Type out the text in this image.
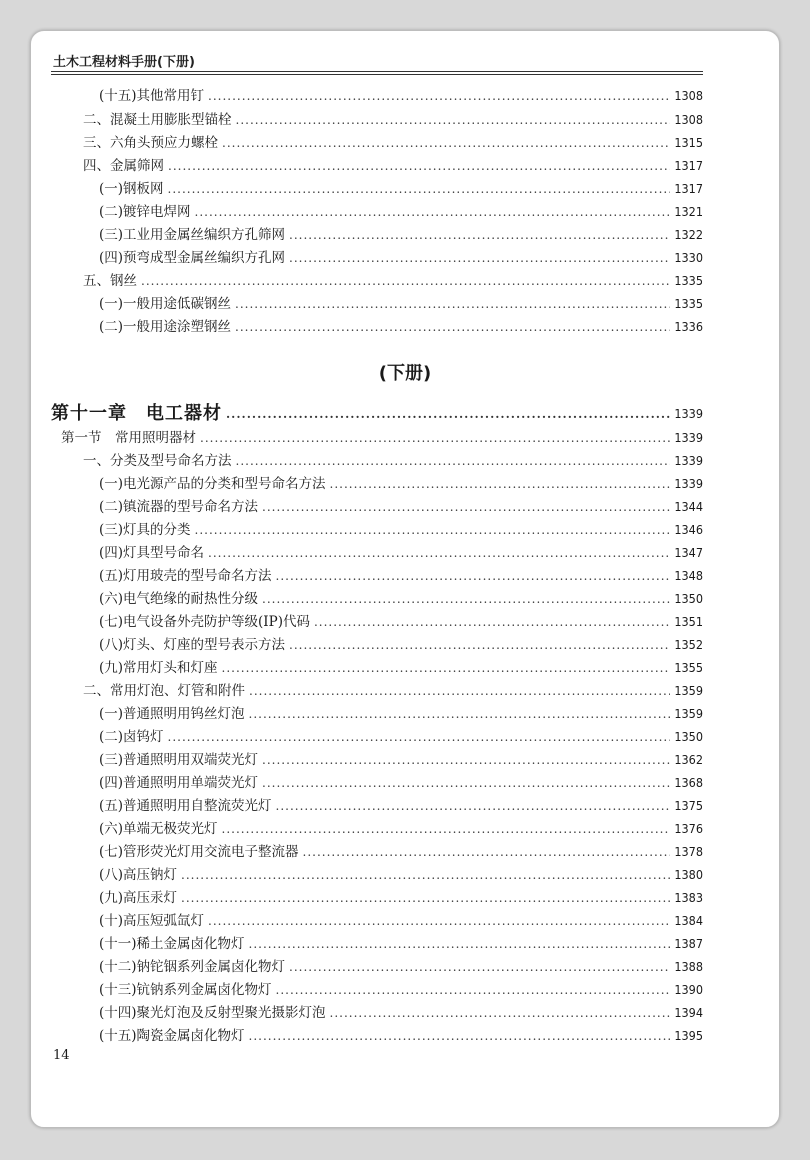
土木工程材料手册(下册)
(十五)其他常用钉 .....	1308
二、混凝土用膨胀型锚栓 .....	1308
三、六角头预应力螺栓 .....	1315
四、金属筛网 .....	1317
(一)钢板网 .....	1317
(二)镀锌电焊网 .....	1321
(三)工业用金属丝编织方孔筛网 .....	1322
(四)预弯成型金属丝编织方孔网 .....	1330
五、钢丝 .....	1335
(一)一般用途低碳钢丝 .....	1335
(二)一般用途涂塑钢丝 .....	1336
第十一章　电工器材 .....	1339
第一节　常用照明器材 .....	1339
一、分类及型号命名方法 .....	1339
(一)电光源产品的分类和型号命名方法 .....	1339
(二)镇流器的型号命名方法 .....	1344
(三)灯具的分类 .....	1346
(四)灯具型号命名 .....	1347
(五)灯用玻壳的型号命名方法 .....	1348
(六)电气绝缘的耐热性分级 .....	1350
(七)电气设备外壳防护等级(IP)代码 .....	1351
(八)灯头、灯座的型号表示方法 .....	1352
(九)常用灯头和灯座 .....	1355
二、常用灯泡、灯管和附件 .....	1359
(一)普通照明用钨丝灯泡 .....	1359
(二)卤钨灯 .....	1350
(三)普通照明用双端荧光灯 .....	1362
(四)普通照明用单端荧光灯 .....	1368
(五)普通照明用自整流荧光灯 .....	1375
(六)单端无极荧光灯 .....	1376
(七)管形荧光灯用交流电子整流器 .....	1378
(八)高压钠灯 .....	1380
(九)高压汞灯 .....	1383
(十)高压短弧氙灯 .....	1384
(十一)稀土金属卤化物灯 .....	1387
(十二)钠铊铟系列金属卤化物灯 .....	1388
(十三)钪钠系列金属卤化物灯 .....	1390
(十四)聚光灯泡及反射型聚光摄影灯泡 .....	1394
(十五)陶瓷金属卤化物灯 .....	1395
(下册)
14
